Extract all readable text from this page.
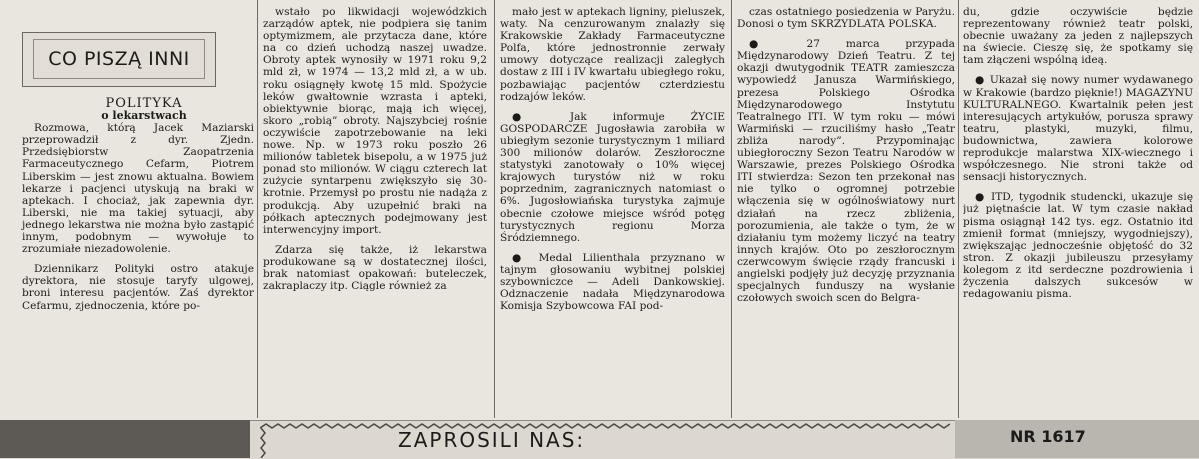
CO PISZĄ INNI

POLITYKA

o lekarstwach

Rozmowa, którą Jacek Maziarski przeprowadził z dyr. Zjedn. Przedsiębiorstw Zaopatrzenia Farmaceutycznego Cefarm, Piotrem Liberskim — jest znowu aktualna. Bowiem lekarze i pacjenci utyskują na braki w aptekach. I chociaż, jak zapewnia dyr. Liberski, nie ma takiej sytuacji, aby jednego lekarstwa nie można było zastąpić innym, podobnym — wywołuje to zrozumiałe niezadowolenie.

Dziennikarz Polityki ostro atakuje dyrektora, nie stosuje taryfy ulgowej, broni interesu pacjentów. Zaś dyrektor Cefarmu, zjednoczenia, które po-

wstało po likwidacji wojewódzkich zarządów aptek, nie podpiera się tanim optymizmem, ale przytacza dane, które na co dzień uchodzą naszej uwadze. Obroty aptek wynosiły w 1971 roku 9,2 mld zł, w 1974 — 13,2 mld zł, a w ub. roku osiągnęły kwotę 15 mld. Spożycie leków gwałtownie wzrasta i apteki, obiektywnie biorąc, mają ich więcej, skoro „robią” obroty. Najszybciej rośnie oczywiście zapotrzebowanie na leki nowe. Np. w 1973 roku poszło 26 milionów tabletek bisepolu, a w 1975 już ponad sto milionów. W ciągu czterech lat zużycie syntarpenu zwiększyło się 30-krotnie. Przemysł po prostu nie nadąża z produkcją. Aby uzupełnić braki na półkach aptecznych podejmowany jest interwencyjny import.

Zdarza się także, iż lekarstwa produkowane są w dostatecznej ilości, brak natomiast opakowań: buteleczek, zakraplaczy itp. Ciągle również za

mało jest w aptekach ligniny, pieluszek, waty. Na cenzurowanym znalazły się Krakowskie Zakłady Farmaceutyczne Polfa, które jednostronnie zerwały umowy dotyczące realizacji zaległych dostaw z III i IV kwartału ubiegłego roku, pozbawiając pacjentów czterdziestu rodzajów leków.

● Jak informuje ŻYCIE GOSPODARCZE Jugosławia zarobiła w ubiegłym sezonie turystycznym 1 miliard 300 milionów dolarów. Zeszłoroczne statystyki zanotowały o 10% więcej krajowych turystów niż w roku poprzednim, zagranicznych natomiast o 6%. Jugosłowiańska turystyka zajmuje obecnie czołowe miejsce wśród potęg turystycznych regionu Morza Śródziemnego.

● Medal Lilienthala przyznano w tajnym głosowaniu wybitnej polskiej szybowniczce — Adeli Dankowskiej. Odznaczenie nadała Międzynarodowa Komisja Szybowcowa FAI pod-

czas ostatniego posiedzenia w Paryżu. Donosi o tym SKRZYDLATA POLSKA.

● 27 marca przypada Międzynarodowy Dzień Teatru. Z tej okazji dwutygodnik TEATR zamieszcza wypowiedź Janusza Warmińskiego, prezesa Polskiego Ośrodka Międzynarodowego Instytutu Teatralnego ITI. W tym roku — mówi Warmiński — rzuciliśmy hasło „Teatr zbliża narody”. Przypominając ubiegłoroczny Sezon Teatru Narodów w Warszawie, prezes Polskiego Ośrodka ITI stwierdza: Sezon ten przekonał nas nie tylko o ogromnej potrzebie włączenia się w ogólnoświatowy nurt działań na rzecz zbliżenia, porozumienia, ale także o tym, że w działaniu tym możemy liczyć na teatry innych krajów. Oto po zeszłorocznym czerwcowym święcie rządy francuski i angielski podjęły już decyzję przyznania specjalnych funduszy na wysłanie czołowych swoich scen do Belgra-

du, gdzie oczywiście będzie reprezentowany również teatr polski, obecnie uważany za jeden z najlepszych na świecie. Cieszę się, że spotkamy się tam złączeni wspólną ideą.

● Ukazał się nowy numer wydawanego w Krakowie (bardzo pięknie!) MAGAZYNU KULTURALNEGO. Kwartalnik pełen jest interesujących artykułów, porusza sprawy teatru, plastyki, muzyki, filmu, budownictwa, zawiera kolorowe reprodukcje malarstwa XIX-wiecznego i współczesnego. Nie stroni także od sensacji historycznych.

● ITD, tygodnik studencki, ukazuje się już piętnaście lat. W tym czasie nakład pisma osiągnął 142 tys. egz. Ostatnio itd zmienił format (mniejszy, wygodniejszy), zwiększając jednocześnie objętość do 32 stron. Z okazji jubileuszu przesyłamy kolegom z itd serdeczne pozdrowienia i życzenia dalszych sukcesów w redagowaniu pisma.

ZAPROSILI NAS:	NR 1617
